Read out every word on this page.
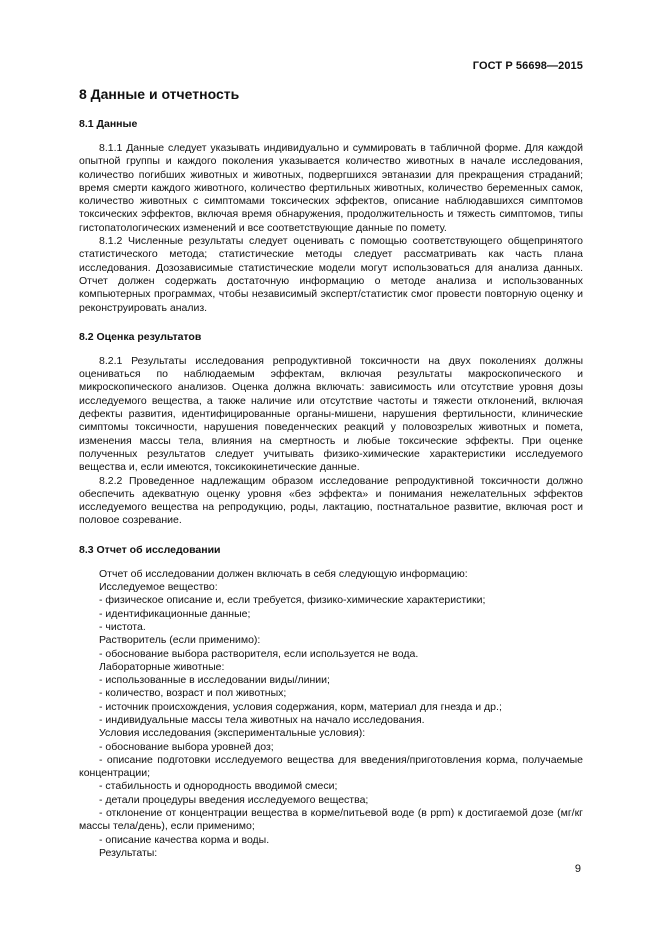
ГОСТ Р 56698—2015
8 Данные и отчетность
8.1 Данные

8.1.1 Данные следует указывать индивидуально и суммировать в табличной форме. Для каждой опытной группы и каждого поколения указывается количество животных в начале исследования, количество погибших животных и животных, подвергшихся эвтаназии для прекращения страданий; время смерти каждого животного, количество фертильных животных, количество беременных самок, количество животных с симптомами токсических эффектов, описание наблюдавшихся симптомов токсических эффектов, включая время обнаружения, продолжительность и тяжесть симптомов, типы гистопатологических изменений и все соответствующие данные по помету.

8.1.2 Численные результаты следует оценивать с помощью соответствующего общепринятого статистического метода; статистические методы следует рассматривать как часть плана исследования. Дозозависимые статистические модели могут использоваться для анализа данных. Отчет должен содержать достаточную информацию о методе анализа и использованных компьютерных программах, чтобы независимый эксперт/статистик смог провести повторную оценку и реконструировать анализ.

8.2 Оценка результатов

8.2.1 Результаты исследования репродуктивной токсичности на двух поколениях должны оцениваться по наблюдаемым эффектам, включая результаты макроскопического и микроскопического анализов. Оценка должна включать: зависимость или отсутствие уровня дозы исследуемого вещества, а также наличие или отсутствие частоты и тяжести отклонений, включая дефекты развития, идентифицированные органы-мишени, нарушения фертильности, клинические симптомы токсичности, нарушения поведенческих реакций у половозрелых животных и помета, изменения массы тела, влияния на смертность и любые токсические эффекты. При оценке полученных результатов следует учитывать физико-химические характеристики исследуемого вещества и, если имеются, токсикокинетические данные.

8.2.2 Проведенное надлежащим образом исследование репродуктивной токсичности должно обеспечить адекватную оценку уровня «без эффекта» и понимания нежелательных эффектов исследуемого вещества на репродукцию, роды, лактацию, постнатальное развитие, включая рост и половое созревание.

8.3 Отчет об исследовании

Отчет об исследовании должен включать в себя следующую информацию:

Исследуемое вещество:

- физическое описание и, если требуется, физико-химические характеристики;

- идентификационные данные;

- чистота.

Растворитель (если применимо):

- обоснование выбора растворителя, если используется не вода.

Лабораторные животные:

- использованные в исследовании виды/линии;

- количество, возраст и пол животных;

- источник происхождения, условия содержания, корм, материал для гнезда и др.;

- индивидуальные массы тела животных на начало исследования.

Условия исследования (экспериментальные условия):

- обоснование выбора уровней доз;

- описание подготовки исследуемого вещества для введения/приготовления корма, получаемые концентрации;

- стабильность и однородность вводимой смеси;

- детали процедуры введения исследуемого вещества;

- отклонение от концентрации вещества в корме/питьевой воде (в ppm) к достигаемой дозе (мг/кг массы тела/день), если применимо;

- описание качества корма и воды.

Результаты:

9
